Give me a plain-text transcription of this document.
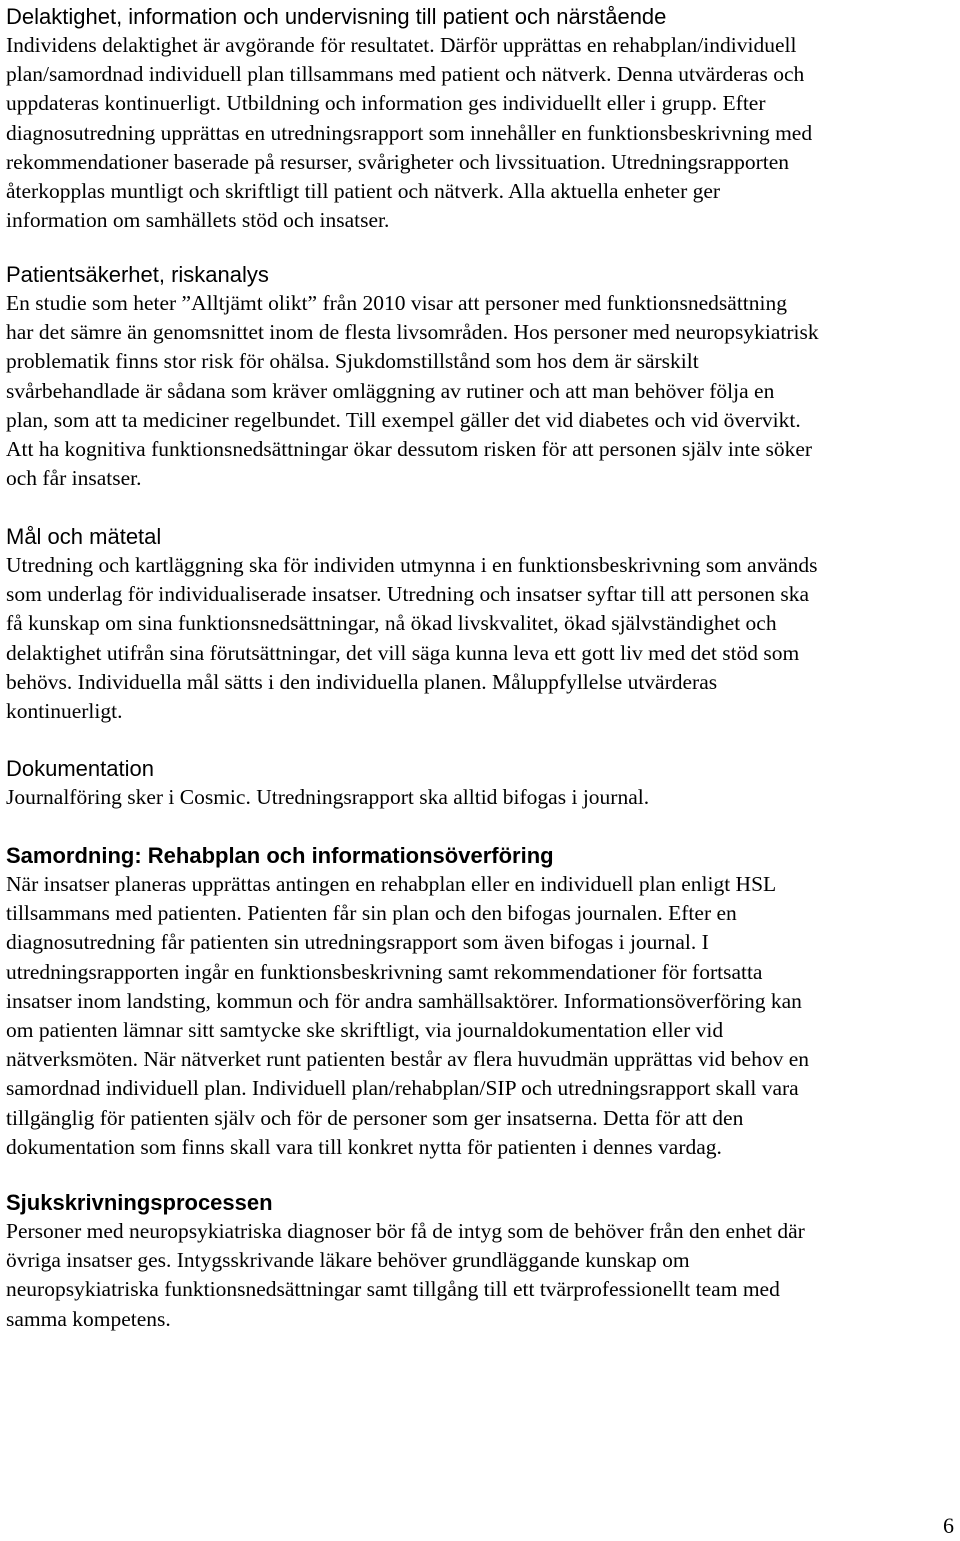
Delaktighet, information och undervisning till patient och närstående

Individens delaktighet är avgörande för resultatet. Därför upprättas en rehabplan/individuell
plan/samordnad individuell plan tillsammans med patient och nätverk. Denna utvärderas och
uppdateras kontinuerligt. Utbildning och information ges individuellt eller i grupp. Efter
diagnosutredning upprättas en utredningsrapport som innehåller en funktionsbeskrivning med
rekommendationer baserade på resurser, svårigheter och livssituation. Utredningsrapporten
återkopplas muntligt och skriftligt till patient och nätverk. Alla aktuella enheter ger
information om samhällets stöd och insatser.

Patientsäkerhet, riskanalys

En studie som heter ”Alltjämt olikt” från 2010 visar att personer med funktionsnedsättning
har det sämre än genomsnittet inom de flesta livsområden. Hos personer med neuropsykiatrisk
problematik finns stor risk för ohälsa. Sjukdomstillstånd som hos dem är särskilt
svårbehandlade är sådana som kräver omläggning av rutiner och att man behöver följa en
plan, som att ta mediciner regelbundet. Till exempel gäller det vid diabetes och vid övervikt.
Att ha kognitiva funktionsnedsättningar ökar dessutom risken för att personen själv inte söker
och får insatser.

Mål och mätetal

Utredning och kartläggning ska för individen utmynna i en funktionsbeskrivning som används
som underlag för individualiserade insatser. Utredning och insatser syftar till att personen ska
få kunskap om sina funktionsnedsättningar, nå ökad livskvalitet, ökad självständighet och
delaktighet utifrån sina förutsättningar, det vill säga kunna leva ett gott liv med det stöd som
behövs. Individuella mål sätts i den individuella planen. Måluppfyllelse utvärderas
kontinuerligt.

Dokumentation

Journalföring sker i Cosmic. Utredningsrapport ska alltid bifogas i journal.

Samordning: Rehabplan och informationsöverföring

När insatser planeras upprättas antingen en rehabplan eller en individuell plan enligt HSL
tillsammans med patienten. Patienten får sin plan och den bifogas journalen. Efter en
diagnosutredning får patienten sin utredningsrapport som även bifogas i journal. I
utredningsrapporten ingår en funktionsbeskrivning samt rekommendationer för fortsatta
insatser inom landsting, kommun och för andra samhällsaktörer. Informationsöverföring kan
om patienten lämnar sitt samtycke ske skriftligt, via journaldokumentation eller vid
nätverksmöten. När nätverket runt patienten består av flera huvudmän upprättas vid behov en
samordnad individuell plan. Individuell plan/rehabplan/SIP och utredningsrapport skall vara
tillgänglig för patienten själv och för de personer som ger insatserna. Detta för att den
dokumentation som finns skall vara till konkret nytta för patienten i dennes vardag.

Sjukskrivningsprocessen

Personer med neuropsykiatriska diagnoser bör få de intyg som de behöver från den enhet där
övriga insatser ges. Intygsskrivande läkare behöver grundläggande kunskap om
neuropsykiatriska funktionsnedsättningar samt tillgång till ett tvärprofessionellt team med
samma kompetens.

6
